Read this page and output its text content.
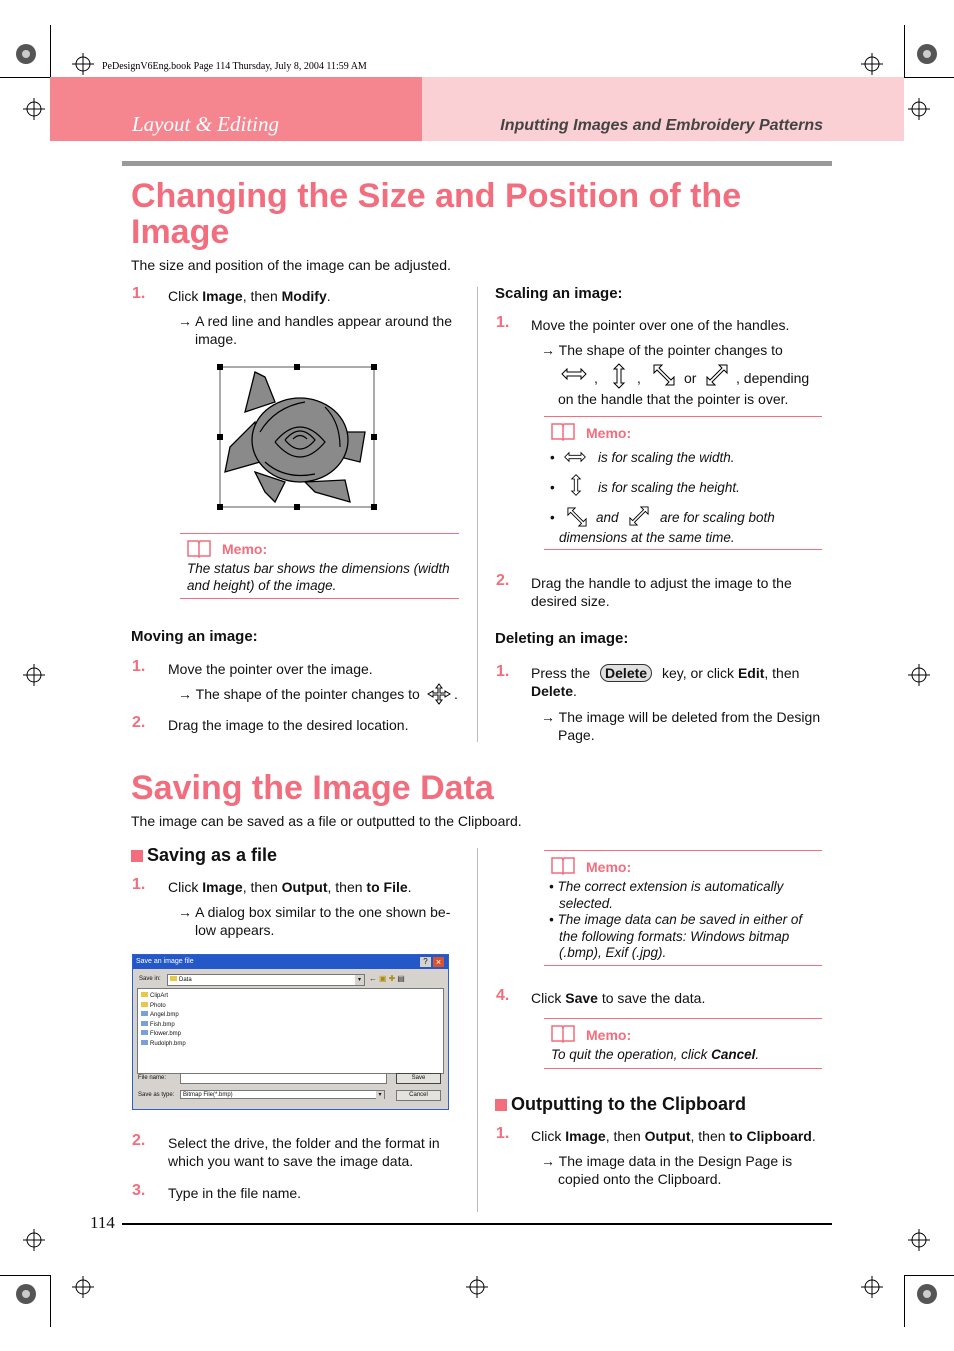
PeDesignV6Eng.book Page 114 Thursday, July 8, 2004 11:59 AM
Layout & Editing	Inputting Images and Embroidery Patterns
Changing the Size and Position of the
Image
The size and position of the image can be adjusted.
1. Click Image, then Modify.
→ A red line and handles appear around the
image.
Memo:
The status bar shows the dimensions (width
and height) of the image.
Moving an image:
1. Move the pointer over the image.
→ The shape of the pointer changes to .
2. Drag the image to the desired location.
Scaling an image:
1. Move the pointer over one of the handles.
→ The shape of the pointer changes to
,	,	or	, depending
on the handle that the pointer is over.
Memo:
•	is for scaling the width.
•	is for scaling the height.
•	and	are for scaling both
dimensions at the same time.
2. Drag the handle to adjust the image to the
desired size.
Deleting an image:
1. Press the Delete key, or click Edit, then
Delete.
→ The image will be deleted from the Design
Page.
Saving the Image Data
The image can be saved as a file or outputted to the Clipboard.
Saving as a file
1. Click Image, then Output, then to File.
→ A dialog box similar to the one shown be-
low appears.
Save an image file	? ×
Save in:	Data	▾	←▣✚▤
ClipArt
Photo
Angel.bmp
Fish.bmp
Flower.bmp
Rudolph.bmp
File name:	Save
Save as type:	Bitmap File(*.bmp)	▾	Cancel
2. Select the drive, the folder and the format in
which you want to save the image data.
3. Type in the file name.
Memo:
• The correct extension is automatically
selected.
• The image data can be saved in either of
the following formats: Windows bitmap
(.bmp), Exif (.jpg).
4. Click Save to save the data.
Memo:
To quit the operation, click Cancel.
Outputting to the Clipboard
1. Click Image, then Output, then to Clipboard.
→ The image data in the Design Page is
copied onto the Clipboard.
114
